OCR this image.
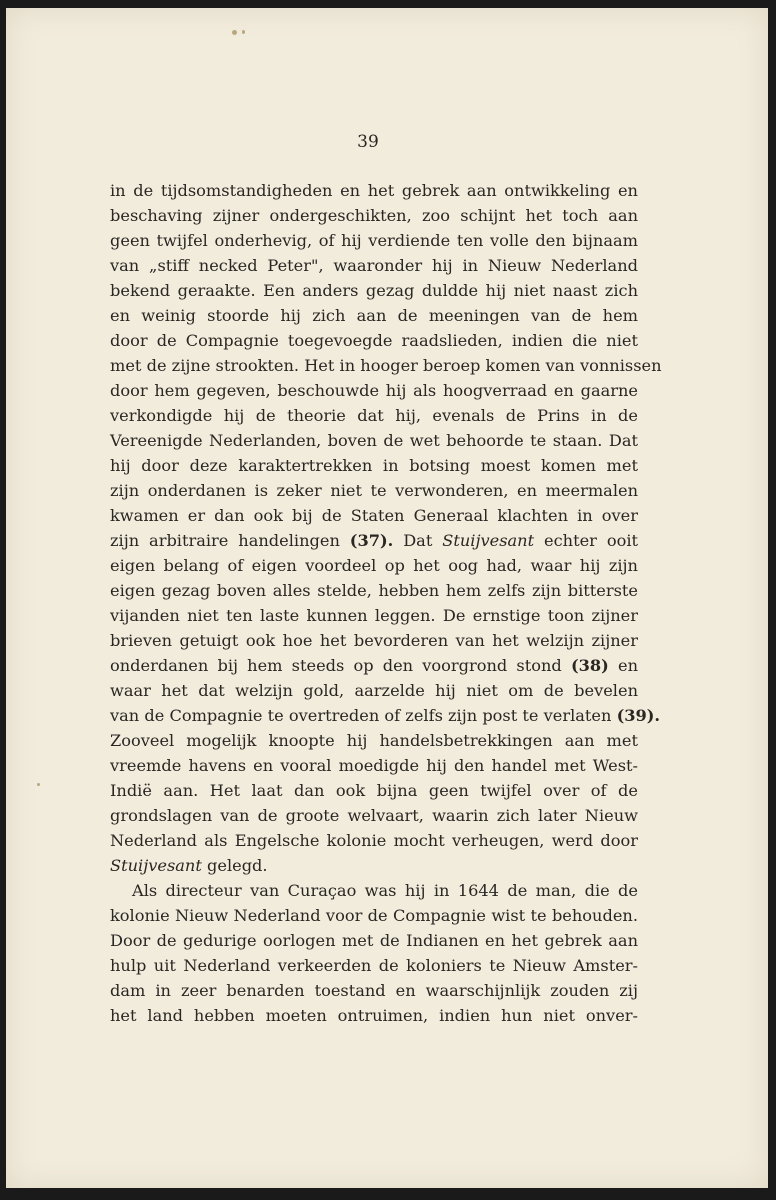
39
in de tijdsomstandigheden en het gebrek aan ontwikkeling en
beschaving zijner ondergeschikten, zoo schijnt het toch aan
geen twijfel onderhevig, of hij verdiende ten volle den bijnaam
van „stiff necked Peter", waaronder hij in Nieuw Nederland
bekend geraakte. Een anders gezag duldde hij niet naast zich
en weinig stoorde hij zich aan de meeningen van de hem
door de Compagnie toegevoegde raadslieden, indien die niet
met de zijne strookten. Het in hooger beroep komen van vonnissen
door hem gegeven, beschouwde hij als hoogverraad en gaarne
verkondigde hij de theorie dat hij, evenals de Prins in de
Vereenigde Nederlanden, boven de wet behoorde te staan. Dat
hij door deze karaktertrekken in botsing moest komen met
zijn onderdanen is zeker niet te verwonderen, en meermalen
kwamen er dan ook bij de Staten Generaal klachten in over
zijn arbitraire handelingen (37). Dat Stuijvesant echter ooit
eigen belang of eigen voordeel op het oog had, waar hij zijn
eigen gezag boven alles stelde, hebben hem zelfs zijn bitterste
vijanden niet ten laste kunnen leggen. De ernstige toon zijner
brieven getuigt ook hoe het bevorderen van het welzijn zijner
onderdanen bij hem steeds op den voorgrond stond (38) en
waar het dat welzijn gold, aarzelde hij niet om de bevelen
van de Compagnie te overtreden of zelfs zijn post te verlaten (39).
Zooveel mogelijk knoopte hij handelsbetrekkingen aan met
vreemde havens en vooral moedigde hij den handel met West-
Indië aan. Het laat dan ook bijna geen twijfel over of de
grondslagen van de groote welvaart, waarin zich later Nieuw
Nederland als Engelsche kolonie mocht verheugen, werd door
Stuijvesant gelegd.
Als directeur van Curaçao was hij in 1644 de man, die de
kolonie Nieuw Nederland voor de Compagnie wist te behouden.
Door de gedurige oorlogen met de Indianen en het gebrek aan
hulp uit Nederland verkeerden de koloniers te Nieuw Amster-
dam in zeer benarden toestand en waarschijnlijk zouden zij
het land hebben moeten ontruimen, indien hun niet onver-
